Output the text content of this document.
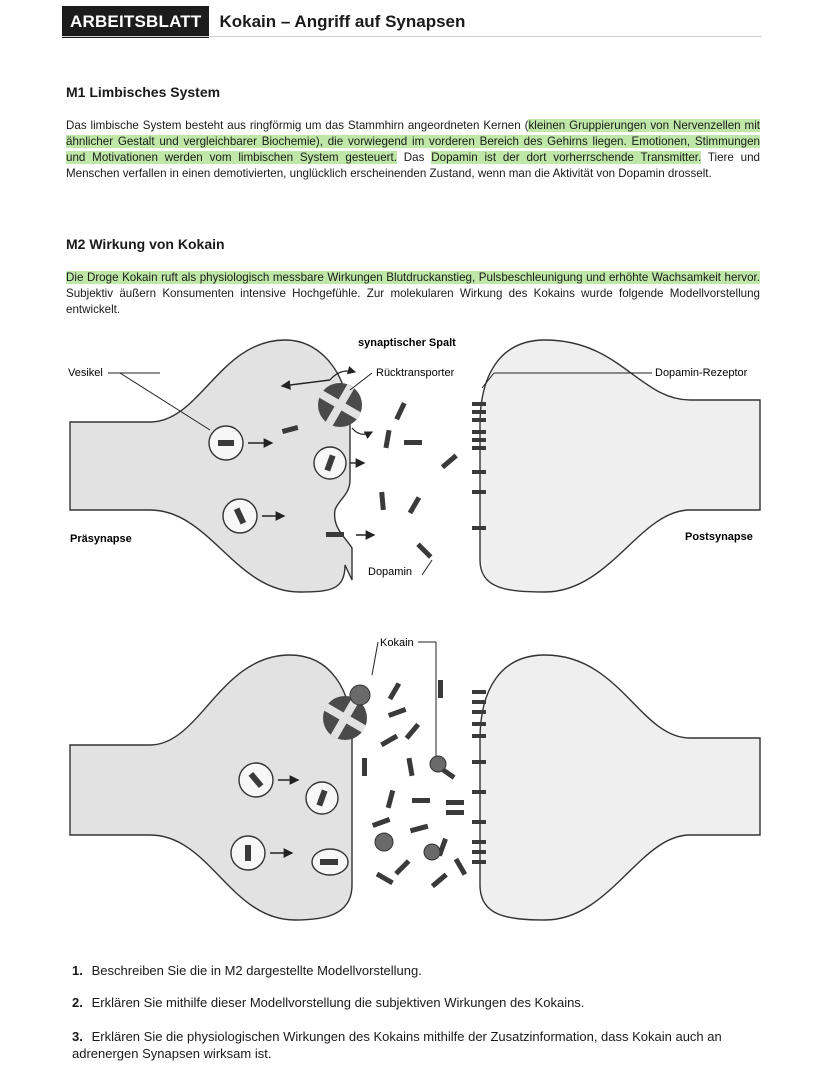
ARBEITSBLATT	Kokain – Angriff auf Synapsen
M1 Limbisches System

Das limbische System besteht aus ringförmig um das Stammhirn angeordneten Kernen (kleinen Gruppierungen von Nervenzellen mit ähnlicher Gestalt und vergleichbarer Biochemie), die vorwiegend im vorderen Bereich des Gehirns liegen. Emotionen, Stimmungen und Motivationen werden vom limbischen System gesteuert. Das Dopamin ist der dort vorherrschende Transmitter. Tiere und Menschen verfallen in einen demotivierten, unglücklich erscheinenden Zustand, wenn man die Aktivität von Dopamin drosselt.

M2 Wirkung von Kokain

Die Droge Kokain ruft als physiologisch messbare Wirkungen Blutdruckanstieg, Pulsbeschleunigung und erhöhte Wachsamkeit hervor. Subjektiv äußern Konsumenten intensive Hochgefühle. Zur molekularen Wirkung des Kokains wurde folgende Modellvorstellung entwickelt.

synaptischer Spalt
Vesikel	Rücktransporter	Dopamin-Rezeptor
Präsynapse	Postsynapse
Dopamin
Kokain
1. Beschreiben Sie die in M2 dargestellte Modellvorstellung.
2. Erklären Sie mithilfe dieser Modellvorstellung die subjektiven Wirkungen des Kokains.
3. Erklären Sie die physiologischen Wirkungen des Kokains mithilfe der Zusatzinformation, dass Kokain auch an adrenergen Synapsen wirksam ist.
